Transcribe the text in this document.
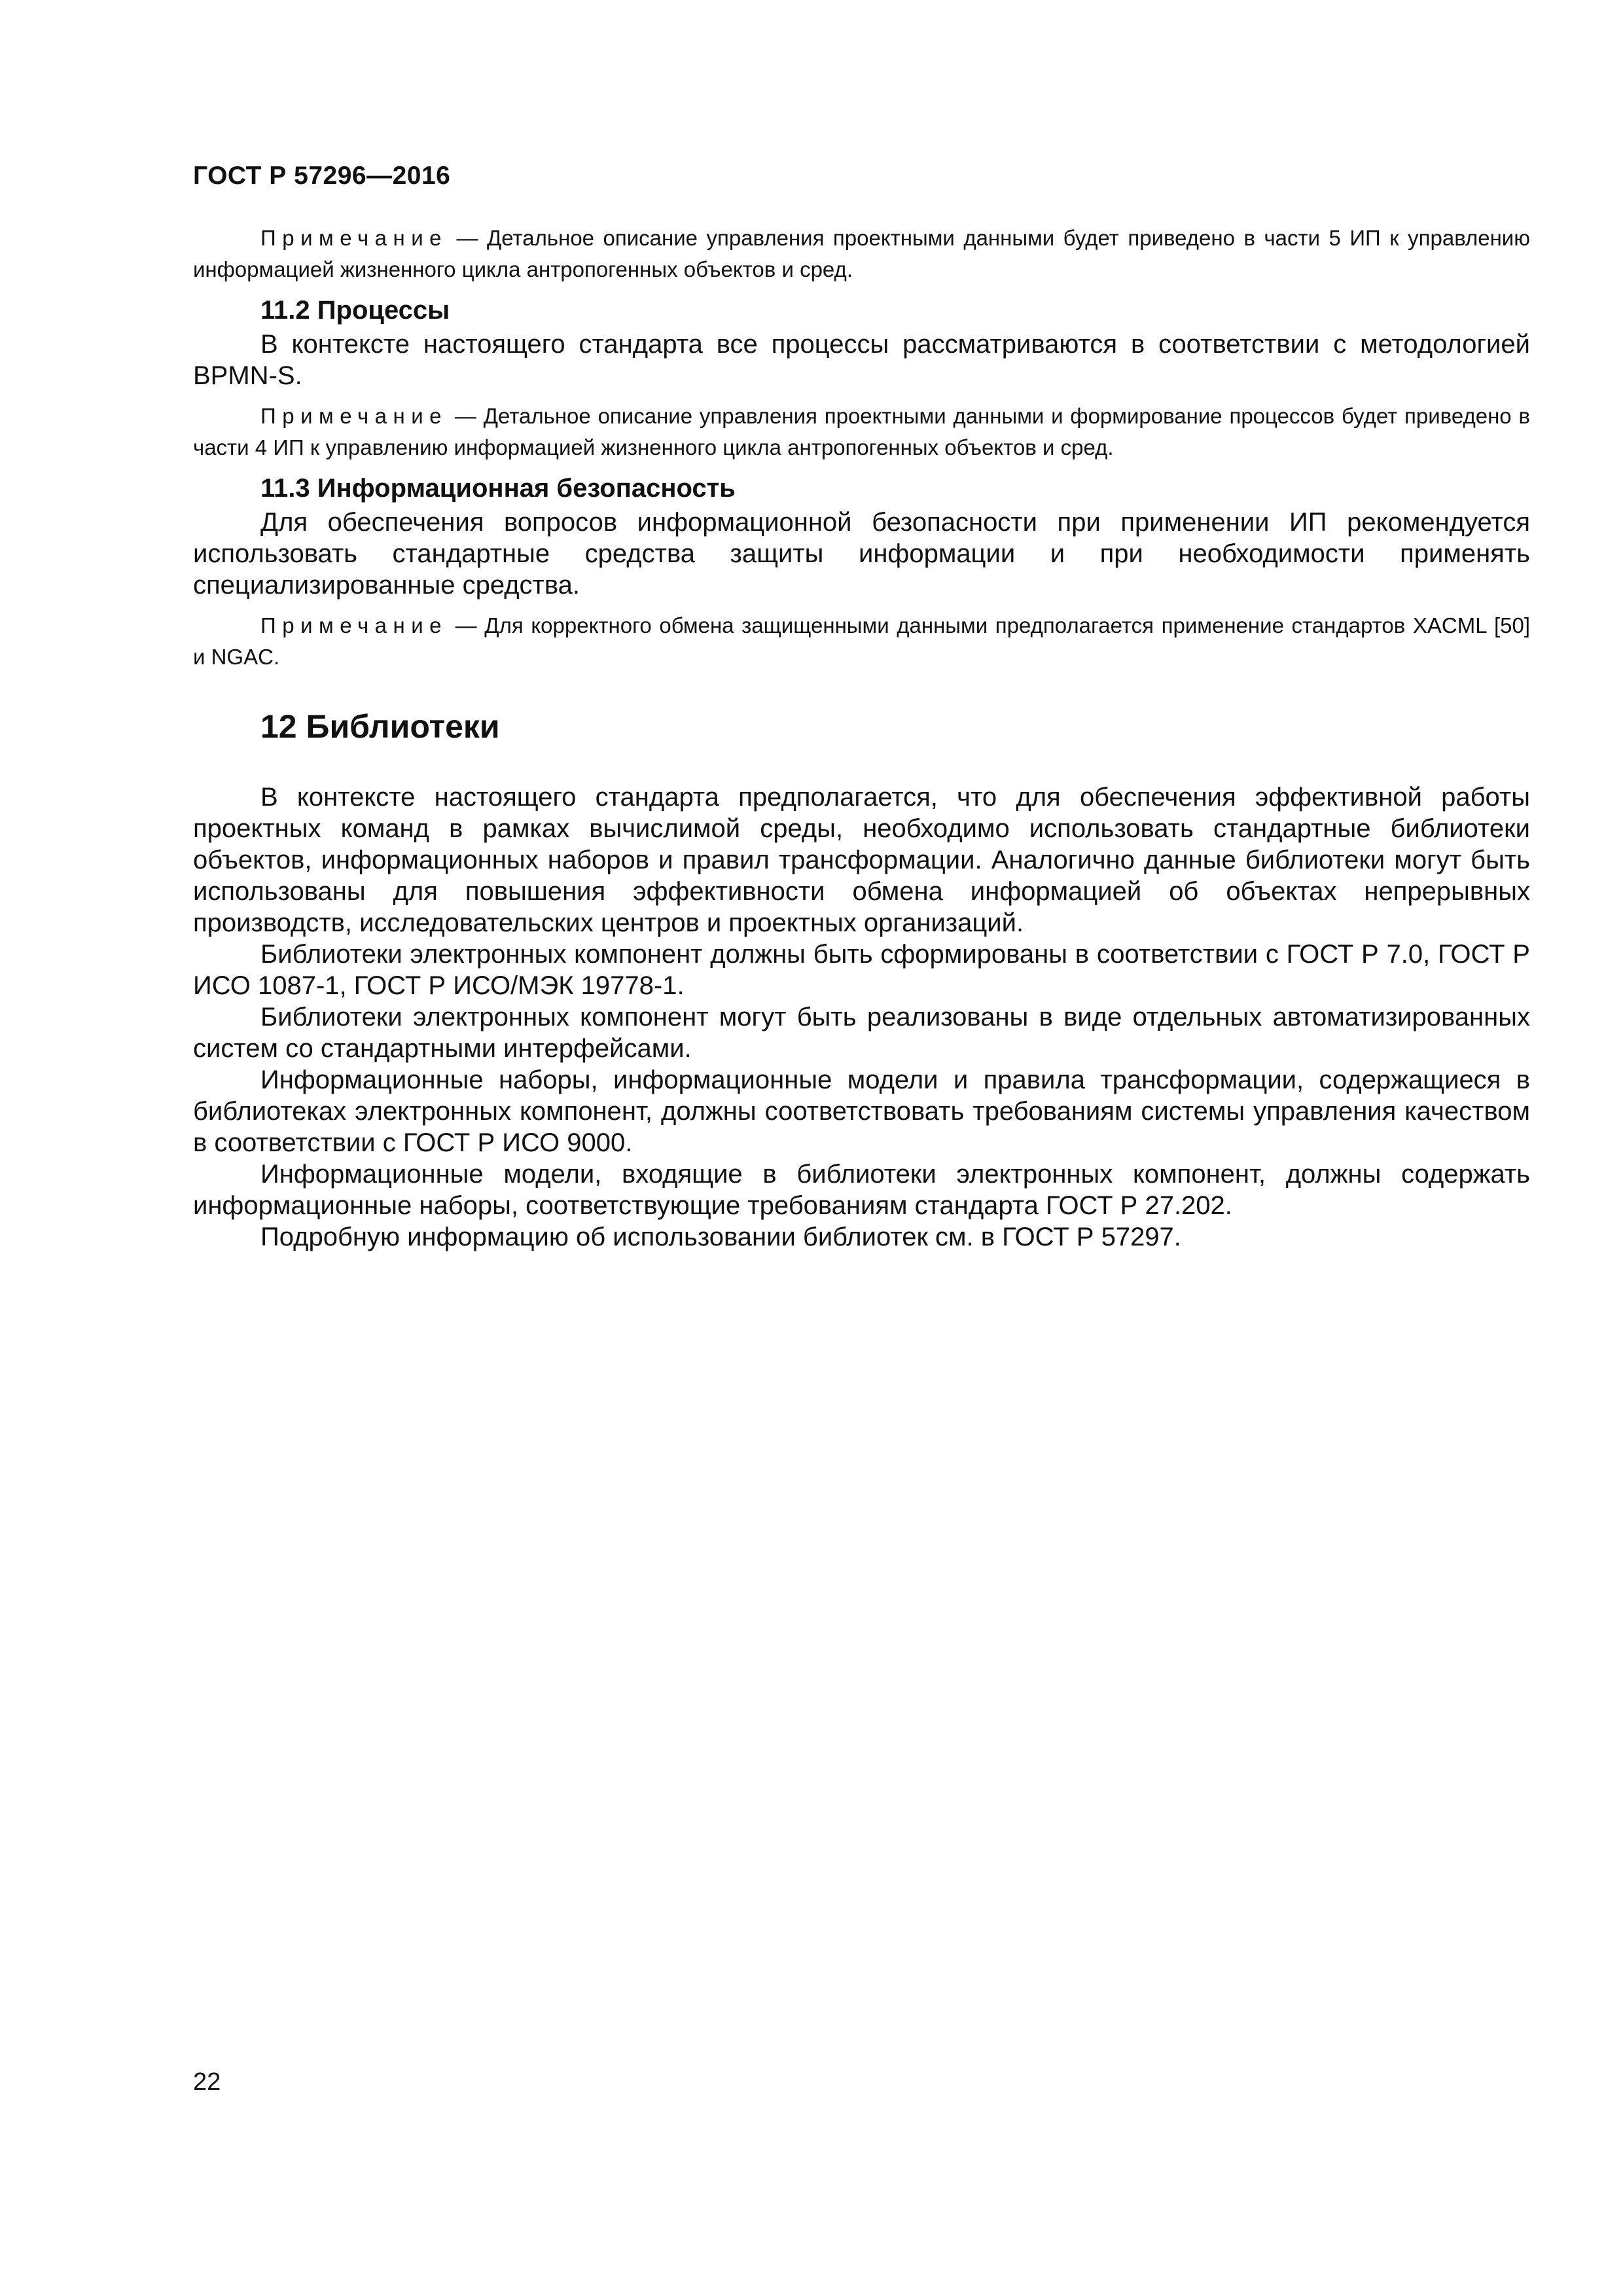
ГОСТ Р 57296—2016

Примечание — Детальное описание управления проектными данными будет приведено в части 5 ИП к управлению информацией жизненного цикла антропогенных объектов и сред.

11.2 Процессы

В контексте настоящего стандарта все процессы рассматриваются в соответствии с методологией BPMN-S.

Примечание — Детальное описание управления проектными данными и формирование процессов будет приведено в части 4 ИП к управлению информацией жизненного цикла антропогенных объектов и сред.

11.3 Информационная безопасность

Для обеспечения вопросов информационной безопасности при применении ИП рекомендуется использовать стандартные средства защиты информации и при необходимости применять специализированные средства.

Примечание — Для корректного обмена защищенными данными предполагается применение стандартов XACML [50] и NGAC.

12 Библиотеки

В контексте настоящего стандарта предполагается, что для обеспечения эффективной работы проектных команд в рамках вычислимой среды, необходимо использовать стандартные библиотеки объектов, информационных наборов и правил трансформации. Аналогично данные библиотеки могут быть использованы для повышения эффективности обмена информацией об объектах непрерывных производств, исследовательских центров и проектных организаций.

Библиотеки электронных компонент должны быть сформированы в соответствии с ГОСТ Р 7.0, ГОСТ Р ИСО 1087-1, ГОСТ Р ИСО/МЭК 19778-1.

Библиотеки электронных компонент могут быть реализованы в виде отдельных автоматизированных систем со стандартными интерфейсами.

Информационные наборы, информационные модели и правила трансформации, содержащиеся в библиотеках электронных компонент, должны соответствовать требованиям системы управления качеством в соответствии с ГОСТ Р ИСО 9000.

Информационные модели, входящие в библиотеки электронных компонент, должны содержать информационные наборы, соответствующие требованиям стандарта ГОСТ Р 27.202.

Подробную информацию об использовании библиотек см. в ГОСТ Р 57297.

22
